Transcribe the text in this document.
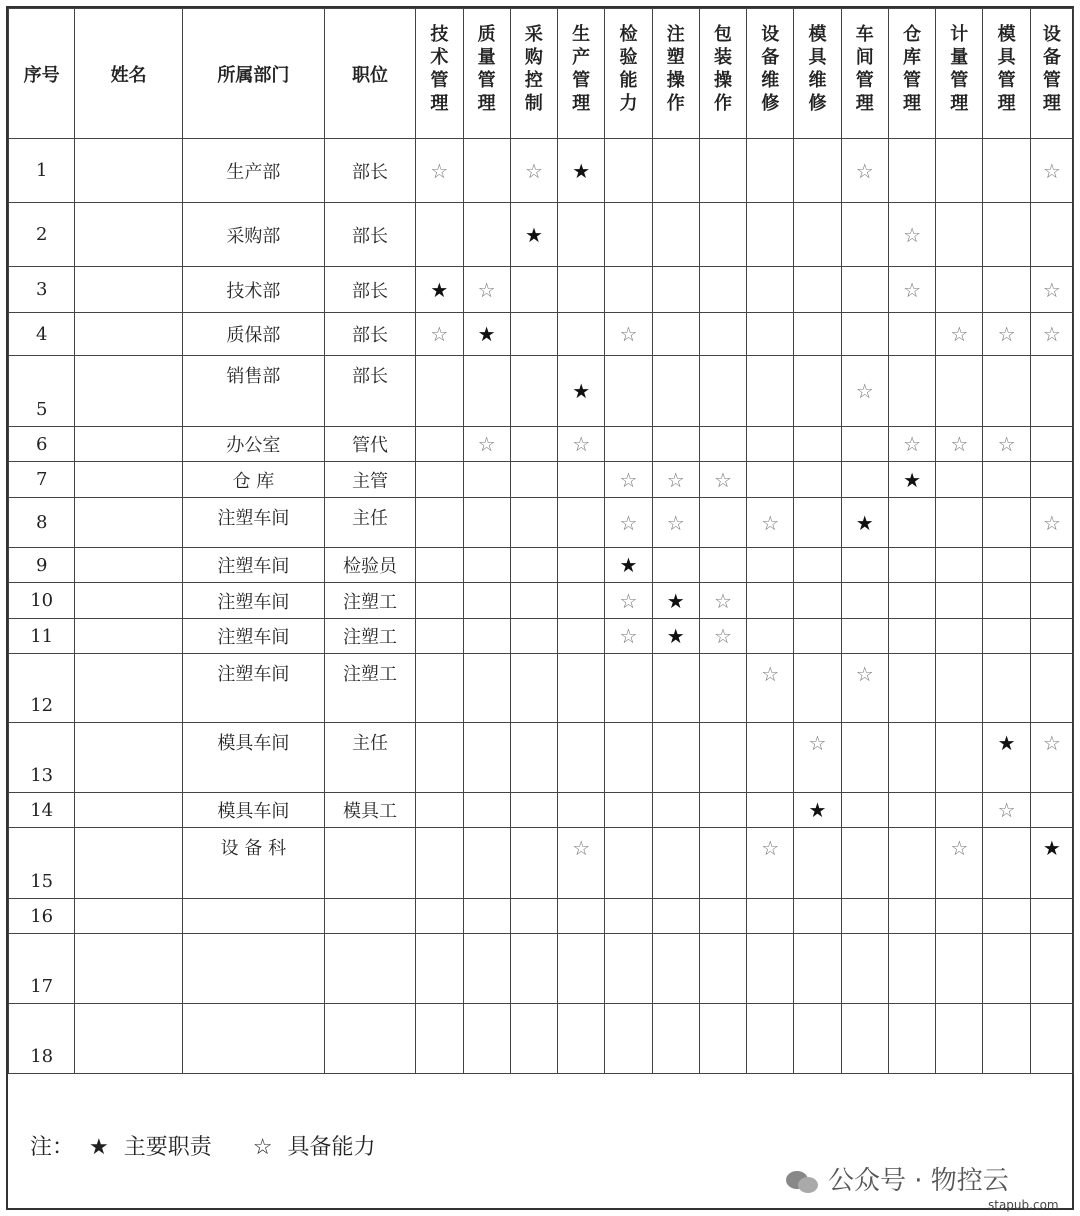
序号	姓名	所属部门	职位	技术管理	质量管理	采购控制	生产管理	检验能力	注塑操作	包装操作	设备维修	模具维修	车间管理	仓库管理	计量管理	模具管理	设备管理

1		生产部	部长	☆		☆	★						☆				☆
2		采购部	部长			★								☆			
3		技术部	部长	★	☆									☆			☆
4		质保部	部长	☆	★			☆							☆	☆	☆
5		销售部	部长				★						☆				
6		办公室	管代		☆		☆							☆	☆	☆	
7		仓 库	主管					☆	☆	☆				★			
8		注塑车间	主任					☆	☆		☆		★				☆
9		注塑车间	检验员					★									
10		注塑车间	注塑工					☆	★	☆							
11		注塑车间	注塑工					☆	★	☆							
12		注塑车间	注塑工								☆		☆				
13		模具车间	主任									☆				★	☆
14		模具车间	模具工									★				☆	
15		设 备 科					☆				☆				☆		★
16																	
17																	
18																	
注： ★ 主要职责 ☆ 具备能力
公众号 · 物控云
stapub.com
